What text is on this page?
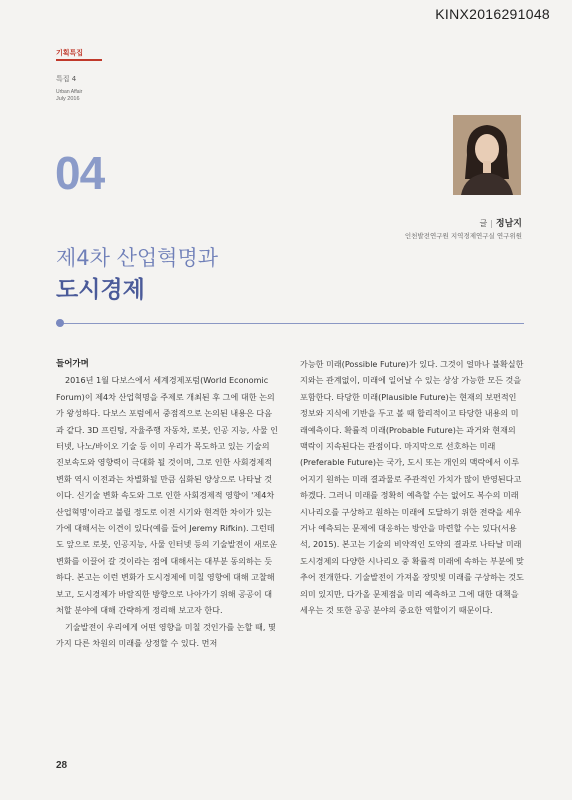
KINX2016291048
기획특집
특집 4
Urban Affair
July 2016
04
글 | 정남지
인천발전연구원 지역경제연구실 연구위원
제4차 산업혁명과
도시경제

들어가며

2016년 1월 다보스에서 세계경제포럼(World Economic Forum)이 제4차 산업혁명을 주제로 개최된 후 그에 대한 논의가 왕성하다. 다보스 포럼에서 중점적으로 논의된 내용은 다음과 같다. 3D 프린팅, 자율주행 자동차, 로봇, 인공 지능, 사물 인터넷, 나노/바이오 기술 등 이미 우리가 목도하고 있는 기술의 진보속도와 영향력이 극대화 될 것이며, 그로 인한 사회경제적 변화 역시 이전과는 차별화될 만큼 심화된 양상으로 나타날 것이다. 신기술 변화 속도와 그로 인한 사회경제적 영향이 '제4차 산업혁명'이라고 불릴 정도로 이전 시기와 현격한 차이가 있는가에 대해서는 이견이 있다(예를 들어 Jeremy Rifkin). 그런데도 앞으로 로봇, 인공지능, 사물 인터넷 등의 기술발전이 새로운 변화를 이끌어 갈 것이라는 점에 대해서는 대부분 동의하는 듯하다. 본고는 이런 변화가 도시경제에 미칠 영향에 대해 고찰해 보고, 도시경제가 바람직한 방향으로 나아가기 위해 공공이 대처할 분야에 대해 간략하게 정리해 보고자 한다.

기술발전이 우리에게 어떤 영향을 미칠 것인가를 논할 때, 몇 가지 다른 차원의 미래를 상정할 수 있다. 먼저

가능한 미래(Possible Future)가 있다. 그것이 얼마나 불확실한지와는 관계없이, 미래에 일어날 수 있는 상상 가능한 모든 것을 포함한다. 타당한 미래(Plausible Future)는 현재의 보편적인 정보와 지식에 기반을 두고 볼 때 합리적이고 타당한 내용의 미래예측이다. 확률적 미래(Probable Future)는 과거와 현재의 맥락이 지속된다는 관점이다. 마지막으로 선호하는 미래(Preferable Future)는 국가, 도시 또는 개인의 맥락에서 이루어지기 원하는 미래 결과물로 주관적인 가치가 많이 반영된다고 하겠다. 그러니 미래를 정확히 예측할 수는 없어도 복수의 미래 시나리오를 구상하고 원하는 미래에 도달하기 위한 전략을 세우거나 예측되는 문제에 대응하는 방안을 마련할 수는 있다(서용석, 2015). 본고는 기술의 비약적인 도약의 결과로 나타날 미래도시경제의 다양한 시나리오 중 확률적 미래에 속하는 부분에 맞추어 전개한다. 기술발전이 가져올 장밋빛 미래를 구상하는 것도 의미 있지만, 다가올 문제점을 미리 예측하고 그에 대한 대책을 세우는 것 또한 공공 분야의 중요한 역할이기 때문이다.

28
